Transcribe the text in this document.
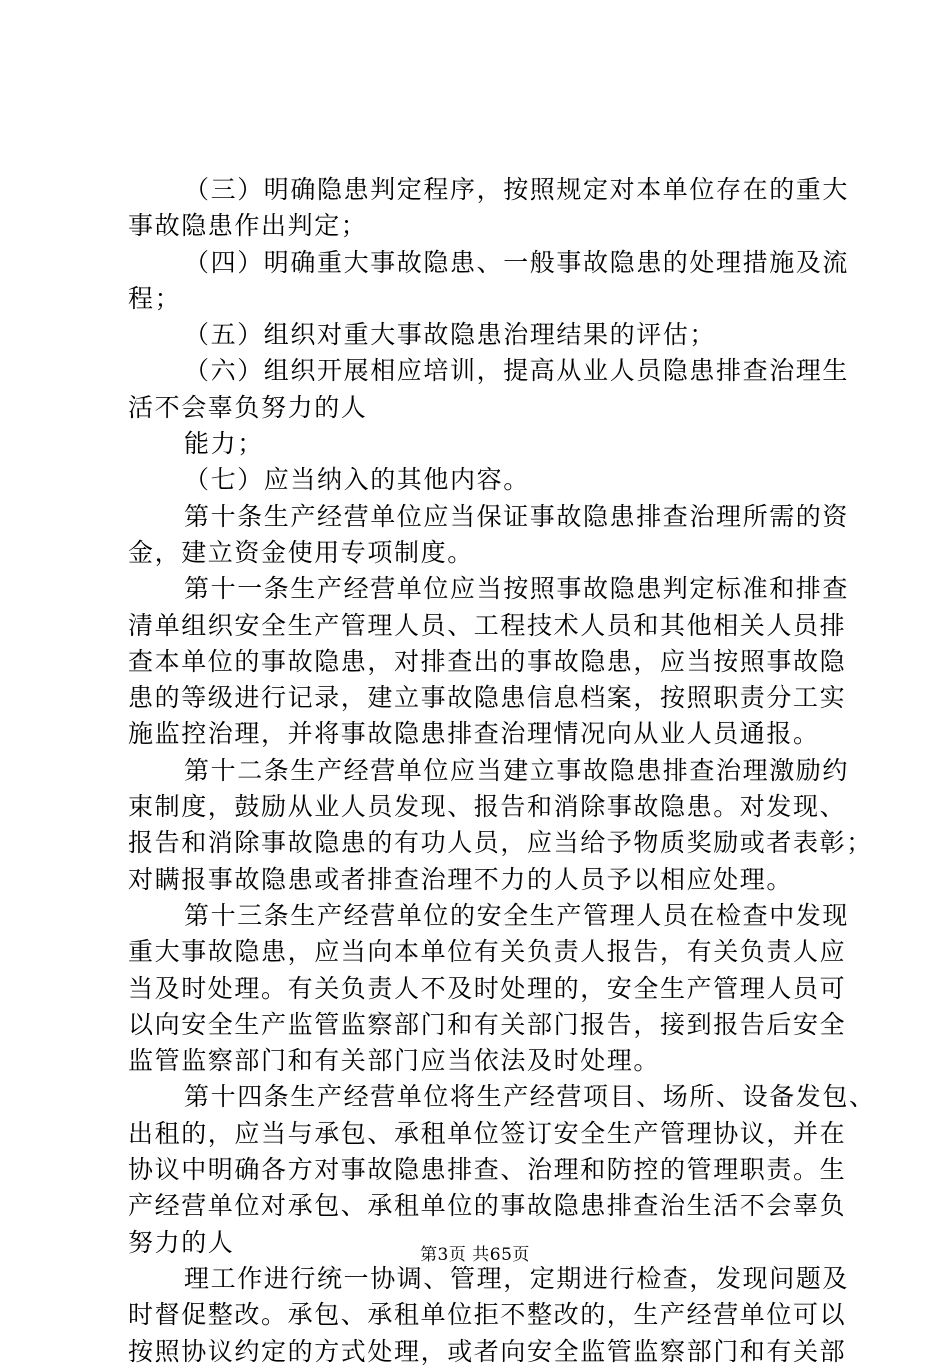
（三）明确隐患判定程序，按照规定对本单位存在的重大
事故隐患作出判定；
（四）明确重大事故隐患、一般事故隐患的处理措施及流
程；
（五）组织对重大事故隐患治理结果的评估；
（六）组织开展相应培训，提高从业人员隐患排查治理生
活不会辜负努力的人
能力；
（七）应当纳入的其他内容。
第十条生产经营单位应当保证事故隐患排查治理所需的资
金，建立资金使用专项制度。
第十一条生产经营单位应当按照事故隐患判定标准和排查
清单组织安全生产管理人员、工程技术人员和其他相关人员排
查本单位的事故隐患，对排查出的事故隐患，应当按照事故隐
患的等级进行记录，建立事故隐患信息档案，按照职责分工实
施监控治理，并将事故隐患排查治理情况向从业人员通报。
第十二条生产经营单位应当建立事故隐患排查治理激励约
束制度，鼓励从业人员发现、报告和消除事故隐患。对发现、
报告和消除事故隐患的有功人员，应当给予物质奖励或者表彰；
对瞒报事故隐患或者排查治理不力的人员予以相应处理。
第十三条生产经营单位的安全生产管理人员在检查中发现
重大事故隐患，应当向本单位有关负责人报告，有关负责人应
当及时处理。有关负责人不及时处理的，安全生产管理人员可
以向安全生产监管监察部门和有关部门报告，接到报告后安全
监管监察部门和有关部门应当依法及时处理。
第十四条生产经营单位将生产经营项目、场所、设备发包、
出租的，应当与承包、承租单位签订安全生产管理协议，并在
协议中明确各方对事故隐患排查、治理和防控的管理职责。生
产经营单位对承包、承租单位的事故隐患排查治生活不会辜负
努力的人
理工作进行统一协调、管理，定期进行检查，发现问题及
时督促整改。承包、承租单位拒不整改的，生产经营单位可以
按照协议约定的方式处理，或者向安全监管监察部门和有关部
第3页 共65页
